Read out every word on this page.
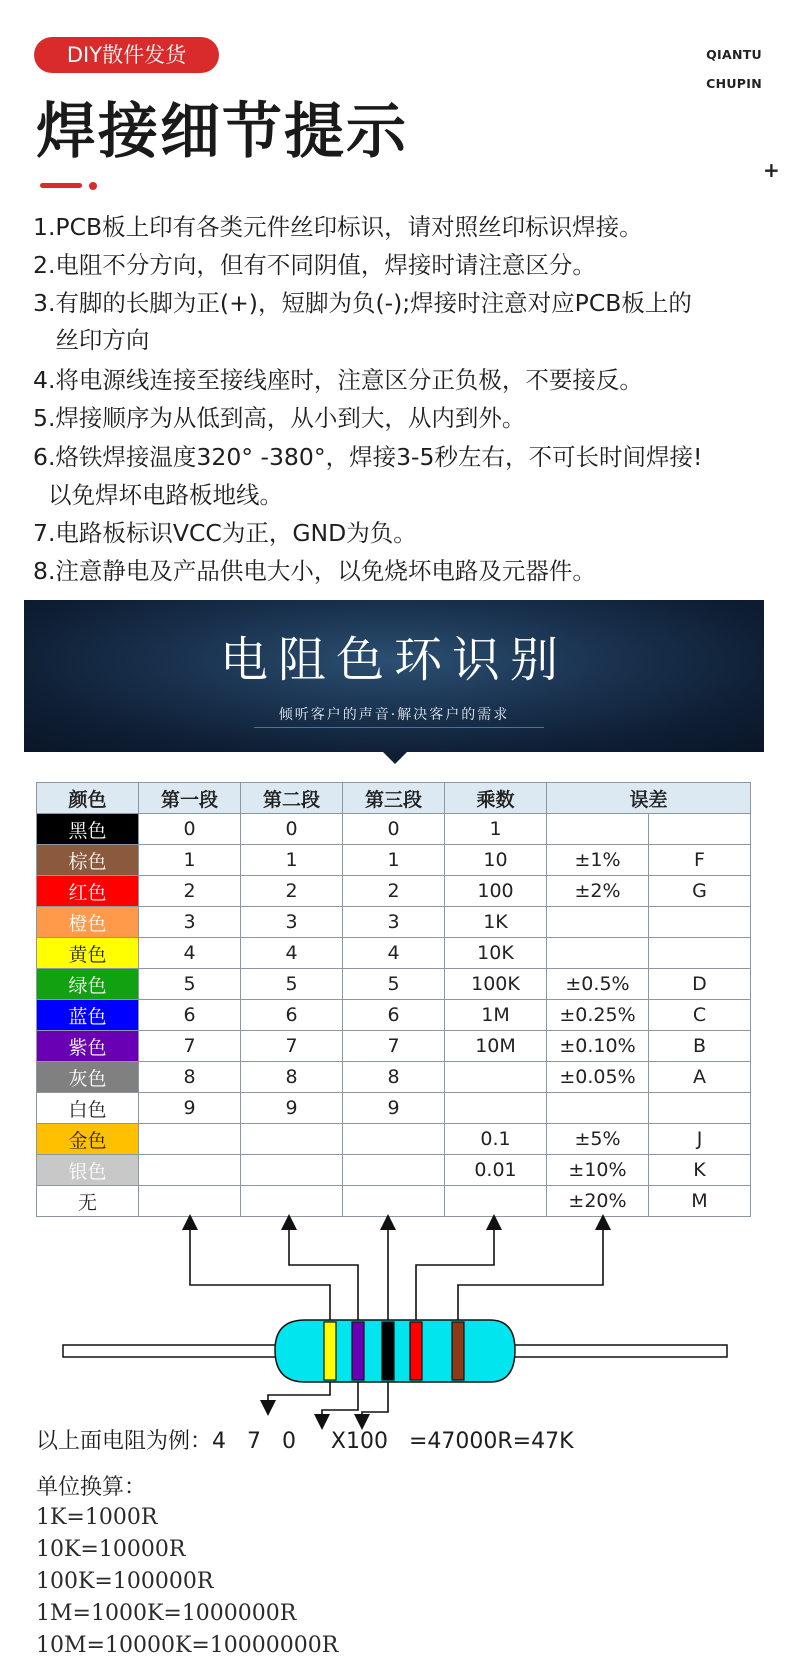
DIY散件发货	QIANTU
CHUPIN
焊接细节提示
+
1.PCB板上印有各类元件丝印标识，请对照丝印标识焊接。
2.电阻不分方向，但有不同阴值，焊接时请注意区分。
3.有脚的长脚为正(+)，短脚为负(-);焊接时注意对应PCB板上的
丝印方向
4.将电源线连接至接线座时，注意区分正负极，不要接反。
5.焊接顺序为从低到高，从小到大，从内到外。
6.烙铁焊接温度320° -380°，焊接3-5秒左右，不可长时间焊接!
以免焊坏电路板地线。
7.电路板标识VCC为正，GND为负。
8.注意静电及产品供电大小，以免烧坏电路及元器件。
电阻色环识别
倾听客户的声音·解决客户的需求
颜色	第一段	第二段	第三段	乘数	误差	
黑色	0	0	0	1		
棕色	1	1	1	10	±1%	F
红色	2	2	2	100	±2%	G
橙色	3	3	3	1K		
黄色	4	4	4	10K		
绿色	5	5	5	100K	±0.5%	D
蓝色	6	6	6	1M	±0.25%	C
紫色	7	7	7	10M	±0.10%	B
灰色	8	8	8		±0.05%	A
白色	9	9	9			
金色				0.1	±5%	J
银色				0.01	±10%	K
无					±20%	M
以上面电阻为例：4   7   0     X100   =47000R=47K
单位换算：
1K=1000R
10K=10000R
100K=100000R
1M=1000K=1000000R
10M=10000K=10000000R
